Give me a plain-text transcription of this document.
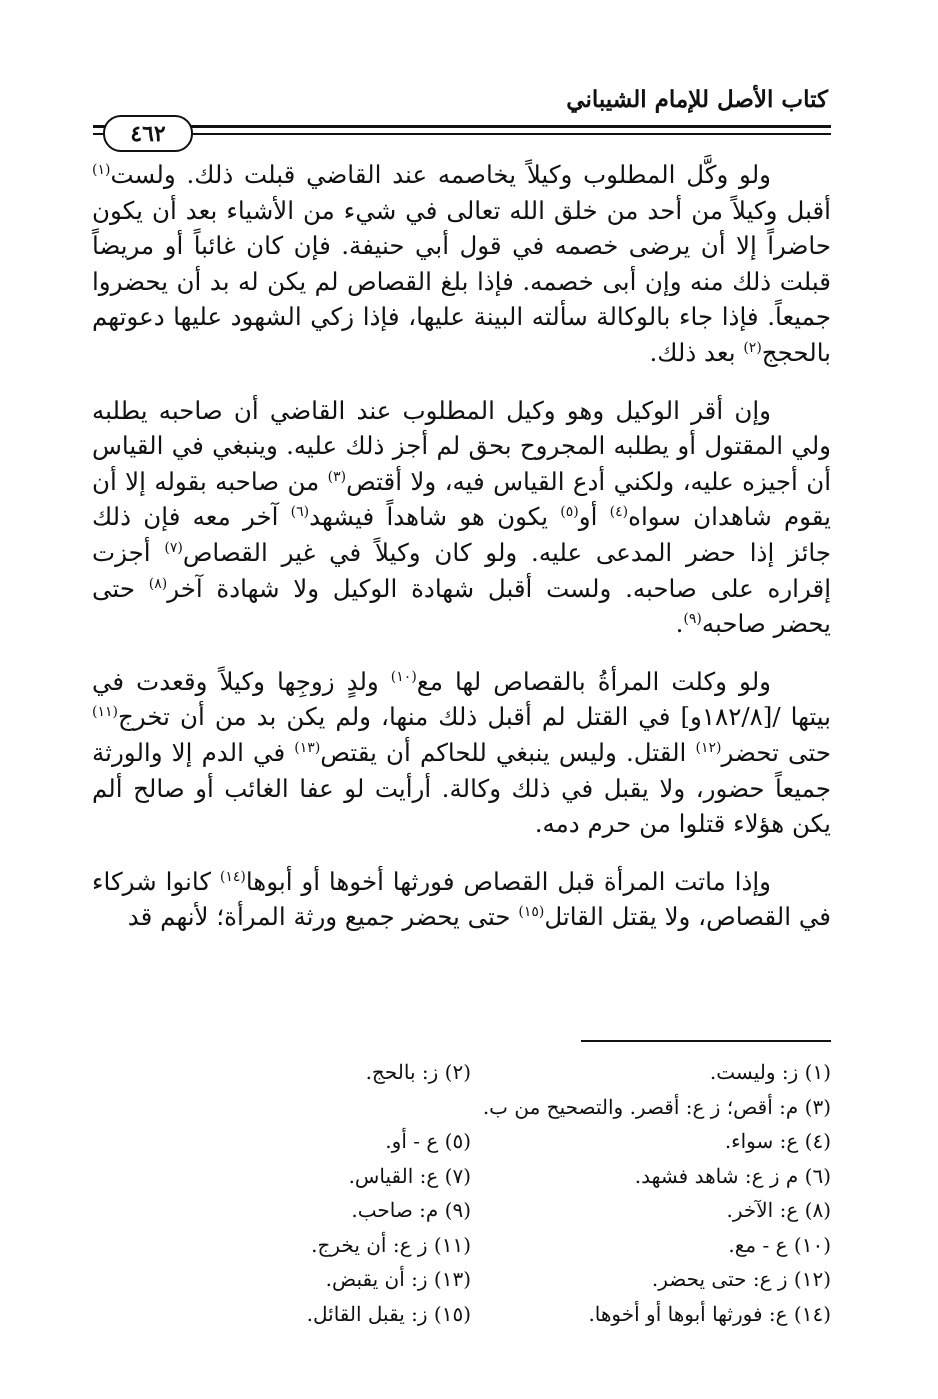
كتاب الأصل للإمام الشيباني
٤٦٢

ولو وكَّل المطلوب وكيلاً يخاصمه عند القاضي قبلت ذلك. ولست$^{(١)}$ أقبل وكيلاً من أحد من خلق الله تعالى في شيء من الأشياء بعد أن يكون حاضراً إلا أن يرضى خصمه في قول أبي حنيفة. فإن كان غائباً أو مريضاً قبلت ذلك منه وإن أبى خصمه. فإذا بلغ القصاص لم يكن له بد أن يحضروا جميعاً. فإذا جاء بالوكالة سألته البينة عليها، فإذا زكي الشهود عليها دعوتهم بالحجج$^{(٢)}$ بعد ذلك.

وإن أقر الوكيل وهو وكيل المطلوب عند القاضي أن صاحبه يطلبه ولي المقتول أو يطلبه المجروح بحق لم أجز ذلك عليه. وينبغي في القياس أن أجيزه عليه، ولكني أدع القياس فيه، ولا أقتص$^{(٣)}$ من صاحبه بقوله إلا أن يقوم شاهدان سواه$^{(٤)}$ أو$^{(٥)}$ يكون هو شاهداً فيشهد$^{(٦)}$ آخر معه فإن ذلك جائز إذا حضر المدعى عليه. ولو كان وكيلاً في غير القصاص$^{(٧)}$ أجزت إقراره على صاحبه. ولست أقبل شهادة الوكيل ولا شهادة آخر$^{(٨)}$ حتى يحضر صاحبه$^{(٩)}$.

ولو وكلت المرأةُ بالقصاص لها مع$^{(١٠)}$ ولدٍ زوجِها وكيلاً وقعدت في بيتها /[١٨٢/٨و] في القتل لم أقبل ذلك منها، ولم يكن بد من أن تخرج$^{(١١)}$ حتى تحضر$^{(١٢)}$ القتل. وليس ينبغي للحاكم أن يقتص$^{(١٣)}$ في الدم إلا والورثة جميعاً حضور، ولا يقبل في ذلك وكالة. أرأيت لو عفا الغائب أو صالح ألم يكن هؤلاء قتلوا من حرم دمه.

وإذا ماتت المرأة قبل القصاص فورثها أخوها أو أبوها$^{(١٤)}$ كانوا شركاء في القصاص، ولا يقتل القاتل$^{(١٥)}$ حتى يحضر جميع ورثة المرأة؛ لأنهم قد

(١) ز: وليست.
(٢) ز: بالحج.
(٣) م: أقص؛ ز ع: أقصر. والتصحيح من ب.
(٤) ع: سواء.
(٥) ع - أو.
(٦) م ز ع: شاهد فشهد.
(٧) ع: القياس.
(٨) ع: الآخر.
(٩) م: صاحب.
(١٠) ع - مع.
(١١) ز ع: أن يخرج.
(١٢) ز ع: حتى يحضر.
(١٣) ز: أن يقبض.
(١٤) ع: فورثها أبوها أو أخوها.
(١٥) ز: يقبل القائل.
